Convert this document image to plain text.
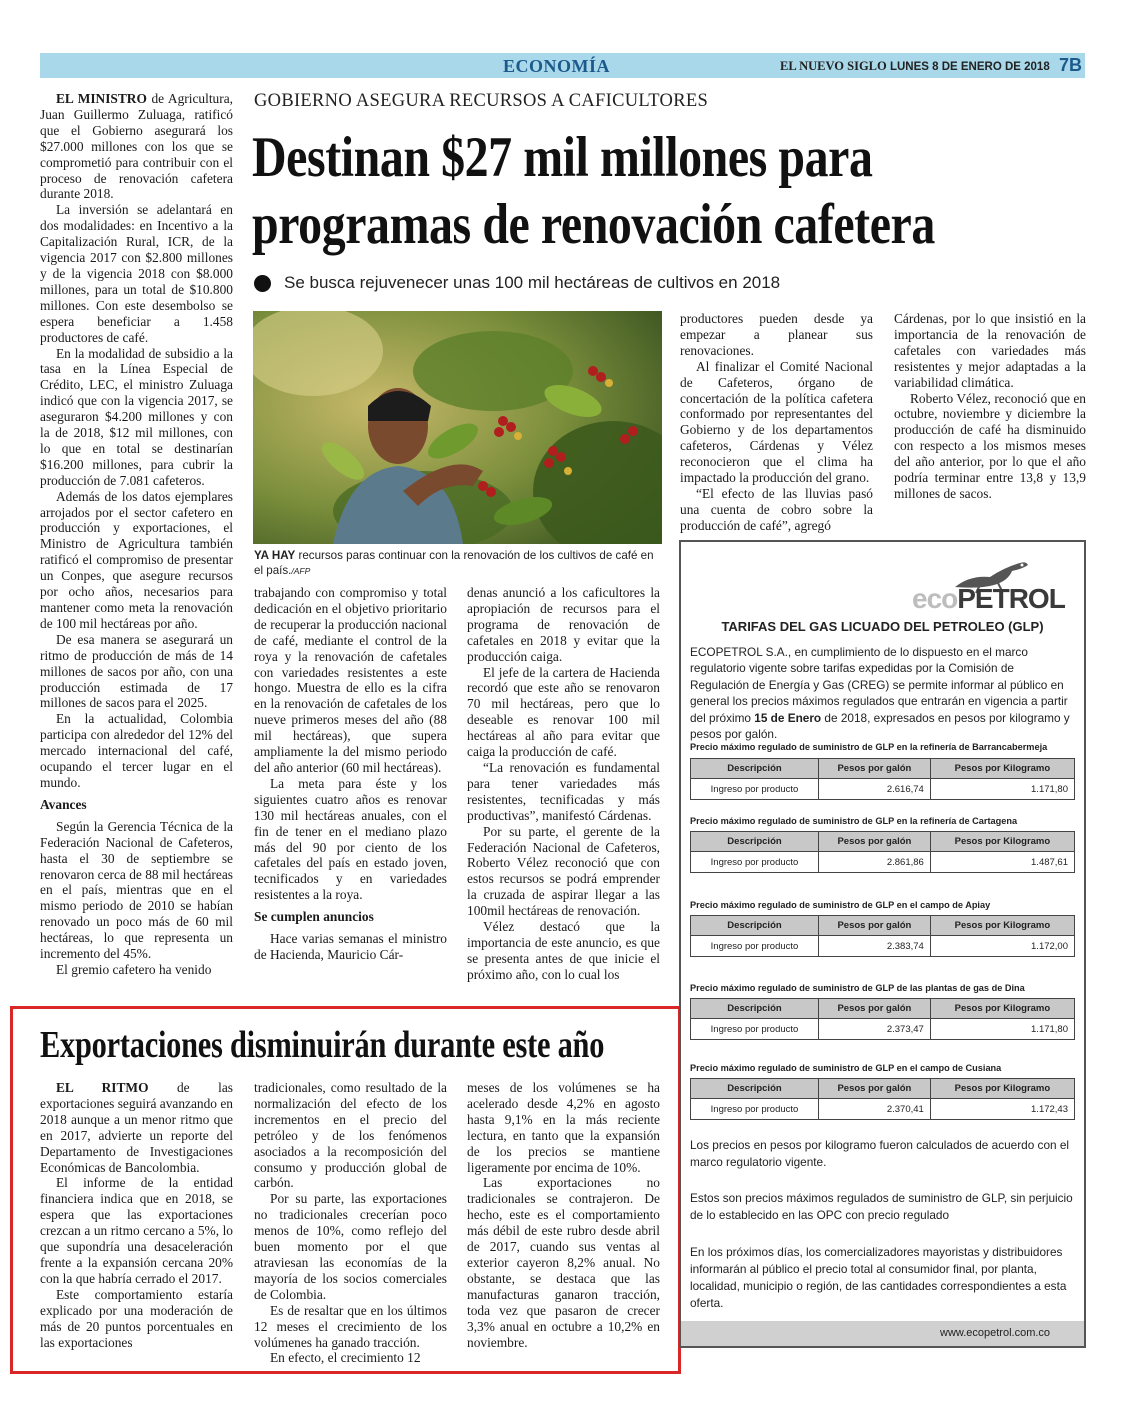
ECONOMÍA	EL NUEVO SIGLO LUNES 8 DE ENERO DE 2018 7B
GOBIERNO ASEGURA RECURSOS A CAFICULTORES
Destinan $27 mil millones para
programas de renovación cafetera
Se busca rejuvenecer unas 100 mil hectáreas de cultivos en 2018

EL MINISTRO de Agricultura, Juan Guillermo Zuluaga, ratificó que el Gobierno asegurará los $27.000 millones con los que se comprometió para contribuir con el proceso de renovación cafetera durante 2018.

La inversión se adelantará en dos modalidades: en Incentivo a la Capitalización Rural, ICR, de la vigencia 2017 con $2.800 millones y de la vigencia 2018 con $8.000 millones, para un total de $10.800 millones. Con este desembolso se espera beneficiar a 1.458 productores de café.

En la modalidad de subsidio a la tasa en la Línea Especial de Crédito, LEC, el ministro Zuluaga indicó que con la vigencia 2017, se aseguraron $4.200 millones y con la de 2018, $12 mil millones, con lo que en total se destinarían $16.200 millones, para cubrir la producción de 7.081 cafeteros.

Además de los datos ejemplares arrojados por el sector cafetero en producción y exportaciones, el Ministro de Agricultura también ratificó el compromiso de presentar un Conpes, que asegure recursos por ocho años, necesarios para mantener como meta la renovación de 100 mil hectáreas por año.

De esa manera se asegurará un ritmo de producción de más de 14 millones de sacos por año, con una producción estimada de 17 millones de sacos para el 2025.

En la actualidad, Colombia participa con alrededor del 12% del mercado internacional del café, ocupando el tercer lugar en el mundo.

Avances

Según la Gerencia Técnica de la Federación Nacional de Cafeteros, hasta el 30 de septiembre se renovaron cerca de 88 mil hectáreas en el país, mientras que en el mismo periodo de 2010 se habían renovado un poco más de 60 mil hectáreas, lo que representa un incremento del 45%.

El gremio cafetero ha venido

YA HAY recursos paras continuar con la renovación de los cultivos de café en el país./AFP

trabajando con compromiso y total dedicación en el objetivo prioritario de recuperar la producción nacional de café, mediante el control de la roya y la renovación de cafetales con variedades resistentes a este hongo. Muestra de ello es la cifra en la renovación de cafetales de los nueve primeros meses del año (88 mil hectáreas), que supera ampliamente la del mismo periodo del año anterior (60 mil hectáreas).

La meta para éste y los siguientes cuatro años es renovar 130 mil hectáreas anuales, con el fin de tener en el mediano plazo más del 90 por ciento de los cafetales del país en estado joven, tecnificados y en variedades resistentes a la roya.

Se cumplen anuncios

Hace varias semanas el ministro de Hacienda, Mauricio Cár-

denas anunció a los caficultores la apropiación de recursos para el programa de renovación de cafetales en 2018 y evitar que la producción caiga.

El jefe de la cartera de Hacienda recordó que este año se renovaron 70 mil hectáreas, pero que lo deseable es renovar 100 mil hectáreas al año para evitar que caiga la producción de café.

“La renovación es fundamental para tener variedades más resistentes, tecnificadas y más productivas”, manifestó Cárdenas.

Por su parte, el gerente de la Federación Nacional de Cafeteros, Roberto Vélez reconoció que con estos recursos se podrá emprender la cruzada de aspirar llegar a las 100mil hectáreas de renovación.

Vélez destacó que la importancia de este anuncio, es que se presenta antes de que inicie el próximo año, con lo cual los

productores pueden desde ya empezar a planear sus renovaciones.

Al finalizar el Comité Nacional de Cafeteros, órgano de concertación de la política cafetera conformado por representantes del Gobierno y de los departamentos cafeteros, Cárdenas y Vélez reconocieron que el clima ha impactado la producción del grano.

“El efecto de las lluvias pasó una cuenta de cobro sobre la producción de café”, agregó

Cárdenas, por lo que insistió en la importancia de la renovación de cafetales con variedades más resistentes y mejor adaptadas a la variabilidad climática.

Roberto Vélez, reconoció que en octubre, noviembre y diciembre la producción de café ha disminuido con respecto a los mismos meses del año anterior, por lo que el año podría terminar entre 13,8 y 13,9 millones de sacos.

Exportaciones disminuirán durante este año

EL RITMO de las exportaciones seguirá avanzando en 2018 aunque a un menor ritmo que en 2017, advierte un reporte del Departamento de Investigaciones Económicas de Bancolombia.

El informe de la entidad financiera indica que en 2018, se espera que las exportaciones crezcan a un ritmo cercano a 5%, lo que supondría una desaceleración frente a la expansión cercana 20% con la que habría cerrado el 2017.

Este comportamiento estaría explicado por una moderación de más de 20 puntos porcentuales en las exportaciones

tradicionales, como resultado de la normalización del efecto de los incrementos en el precio del petróleo y de los fenómenos asociados a la recomposición del consumo y producción global de carbón.

Por su parte, las exportaciones no tradicionales crecerían poco menos de 10%, como reflejo del buen momento por el que atraviesan las economías de la mayoría de los socios comerciales de Colombia.

Es de resaltar que en los últimos 12 meses el crecimiento de los volúmenes ha ganado tracción.

En efecto, el crecimiento 12

meses de los volúmenes se ha acelerado desde 4,2% en agosto hasta 9,1% en la más reciente lectura, en tanto que la expansión de los precios se mantiene ligeramente por encima de 10%.

Las exportaciones no tradicionales se contrajeron. De hecho, este es el comportamiento más débil de este rubro desde abril de 2017, cuando sus ventas al exterior cayeron 8,2% anual. No obstante, se destaca que las manufacturas ganaron tracción, toda vez que pasaron de crecer 3,3% anual en octubre a 10,2% en noviembre.

ecoPETROL
TARIFAS DEL GAS LICUADO DEL PETROLEO (GLP)
ECOPETROL S.A., en cumplimiento de lo dispuesto en el marco regulatorio vigente sobre tarifas expedidas por la Comisión de Regulación de Energía y Gas (CREG) se permite informar al público en general los precios máximos regulados que entrarán en vigencia a partir del próximo 15 de Enero de 2018, expresados en pesos por kilogramo y pesos por galón.
Precio máximo regulado de suministro de GLP en la refinería de Barrancabermeja
Descripción	Pesos por galón	Pesos por Kilogramo
Ingreso por producto	2.616,74	1.171,80
Precio máximo regulado de suministro de GLP en la refinería de Cartagena
Descripción	Pesos por galón	Pesos por Kilogramo
Ingreso por producto	2.861,86	1.487,61
Precio máximo regulado de suministro de GLP en el campo de Apiay
Descripción	Pesos por galón	Pesos por Kilogramo
Ingreso por producto	2.383,74	1.172,00
Precio máximo regulado de suministro de GLP de las plantas de gas de Dina
Descripción	Pesos por galón	Pesos por Kilogramo
Ingreso por producto	2.373,47	1.171,80
Precio máximo regulado de suministro de GLP en el campo de Cusiana
Descripción	Pesos por galón	Pesos por Kilogramo
Ingreso por producto	2.370,41	1.172,43
Los precios en pesos por kilogramo fueron calculados de acuerdo con el marco regulatorio vigente.
Estos son precios máximos regulados de suministro de GLP, sin perjuicio de lo establecido en las OPC con precio regulado
En los próximos días, los comercializadores mayoristas y distribuidores informarán al público el precio total al consumidor final, por planta, localidad, municipio o región, de las cantidades correspondientes a esta oferta.
www.ecopetrol.com.co
